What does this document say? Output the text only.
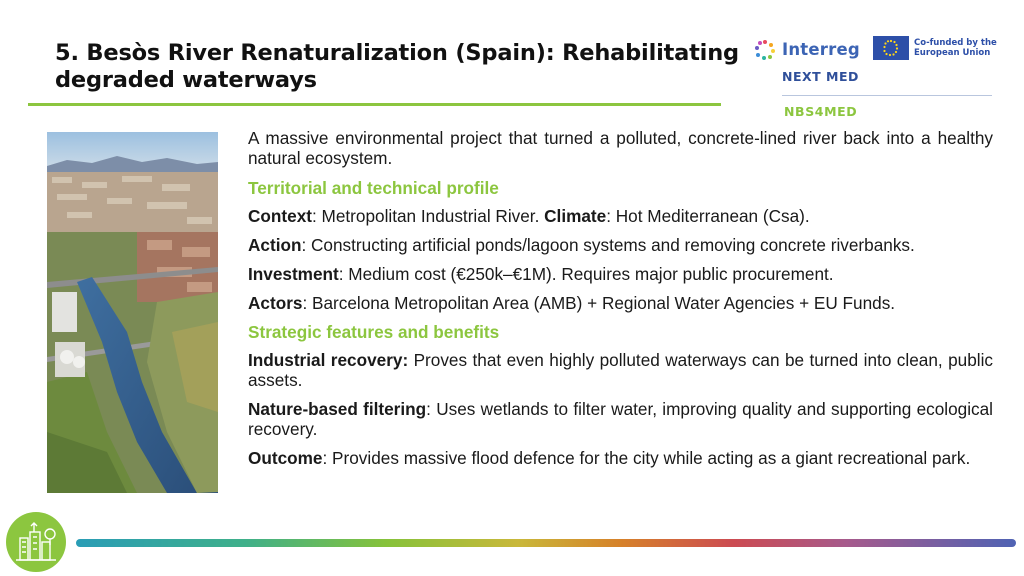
5. Besòs River Renaturalization (Spain): Rehabilitating degraded waterways
Interreg
NEXT MED
Co-funded by the European Union
NBS4MED

A massive environmental project that turned a polluted, concrete-lined river back into a healthy natural ecosystem.

Territorial and technical profile

Context: Metropolitan Industrial River. Climate: Hot Mediterranean (Csa).

Action: Constructing artificial ponds/lagoon systems and removing concrete riverbanks.

Investment: Medium cost (€250k–€1M). Requires major public procurement.

Actors: Barcelona Metropolitan Area (AMB) + Regional Water Agencies + EU Funds.

Strategic features and benefits

Industrial recovery: Proves that even highly polluted waterways can be turned into clean, public assets.

Nature-based filtering: Uses wetlands to filter water, improving quality and supporting ecological recovery.

Outcome: Provides massive flood defence for the city while acting as a giant recreational park.
